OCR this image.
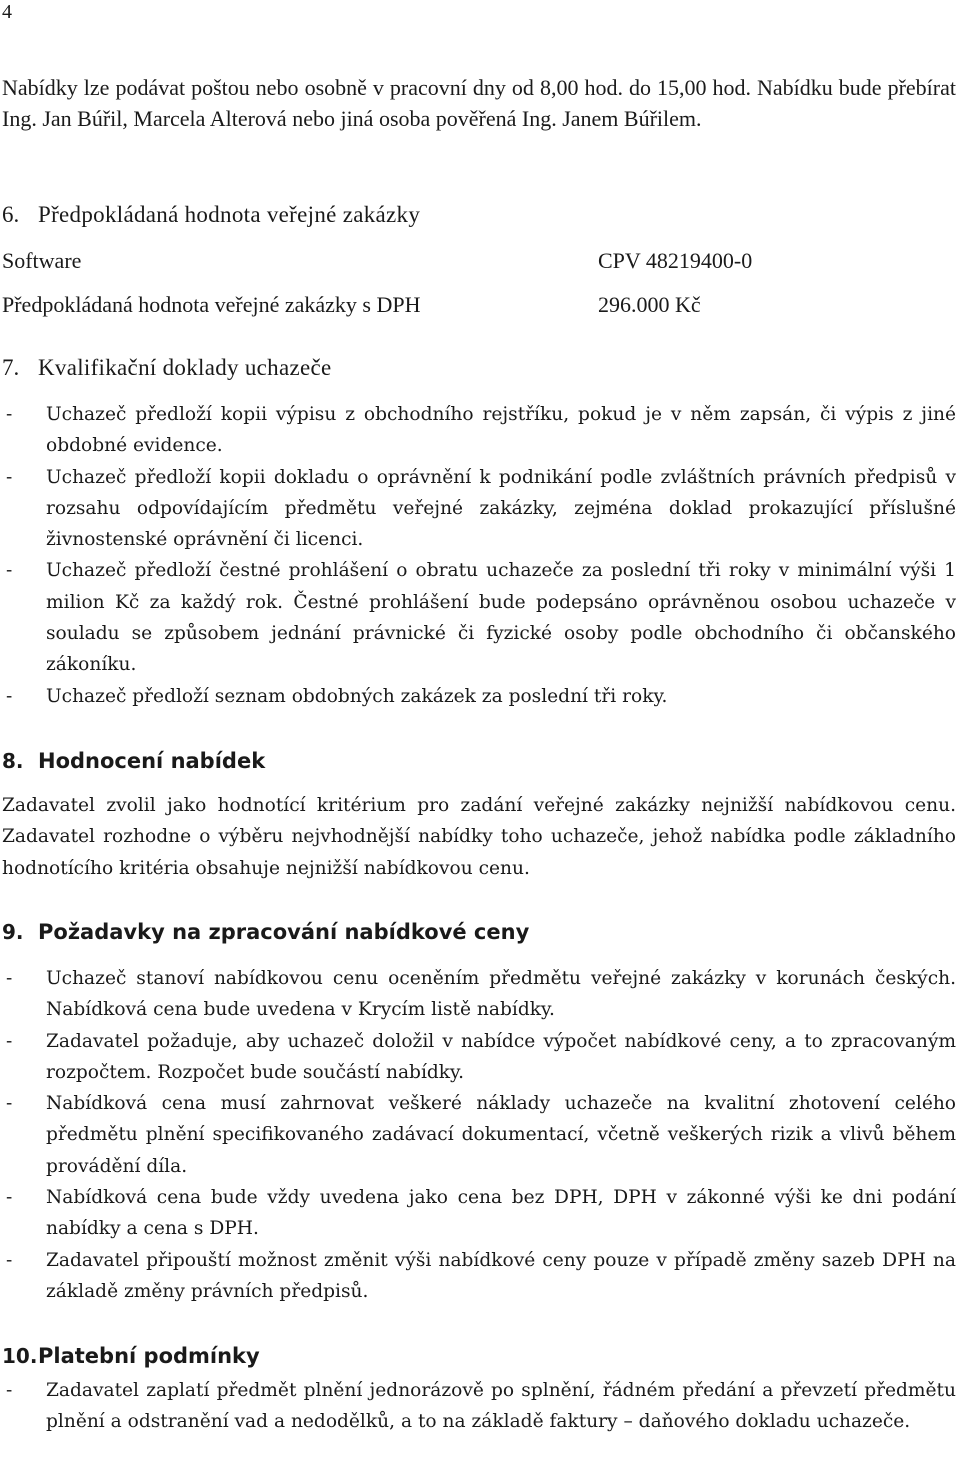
4
Nabídky lze podávat poštou nebo osobně v pracovní dny od 8,00 hod. do 15,00 hod. Nabídku bude přebírat Ing. Jan Búřil, Marcela Alterová nebo jiná osoba pověřená Ing. Janem Búřilem.
6. Předpokládaná hodnota veřejné zakázky
Software	CPV 48219400-0
Předpokládaná hodnota veřejné zakázky s DPH	296.000 Kč
7. Kvalifikační doklady uchazeče
- Uchazeč předloží kopii výpisu z obchodního rejstříku, pokud je v něm zapsán, či výpis z jiné obdobné evidence.
- Uchazeč předloží kopii dokladu o oprávnění k podnikání podle zvláštních právních předpisů v rozsahu odpovídajícím předmětu veřejné zakázky, zejména doklad prokazující příslušné živnostenské oprávnění či licenci.
- Uchazeč předloží čestné prohlášení o obratu uchazeče za poslední tři roky v minimální výši 1 milion Kč za každý rok. Čestné prohlášení bude podepsáno oprávněnou osobou uchazeče v souladu se způsobem jednání právnické či fyzické osoby podle obchodního či občanského zákoníku.
- Uchazeč předloží seznam obdobných zakázek za poslední tři roky.
8. Hodnocení nabídek
Zadavatel zvolil jako hodnotící kritérium pro zadání veřejné zakázky nejnižší nabídkovou cenu. Zadavatel rozhodne o výběru nejvhodnější nabídky toho uchazeče, jehož nabídka podle základního hodnotícího kritéria obsahuje nejnižší nabídkovou cenu.
9. Požadavky na zpracování nabídkové ceny
- Uchazeč stanoví nabídkovou cenu oceněním předmětu veřejné zakázky v korunách českých. Nabídková cena bude uvedena v Krycím listě nabídky.
- Zadavatel požaduje, aby uchazeč doložil v nabídce výpočet nabídkové ceny, a to zpracovaným rozpočtem. Rozpočet bude součástí nabídky.
- Nabídková cena musí zahrnovat veškeré náklady uchazeče na kvalitní zhotovení celého předmětu plnění specifikovaného zadávací dokumentací, včetně veškerých rizik a vlivů během provádění díla.
- Nabídková cena bude vždy uvedena jako cena bez DPH, DPH v zákonné výši ke dni podání nabídky a cena s DPH.
- Zadavatel připouští možnost změnit výši nabídkové ceny pouze v případě změny sazeb DPH na základě změny právních předpisů.
10.Platební podmínky
- Zadavatel zaplatí předmět plnění jednorázově po splnění, řádném předání a převzetí předmětu plnění a odstranění vad a nedodělků, a to na základě faktury – daňového dokladu uchazeče.
